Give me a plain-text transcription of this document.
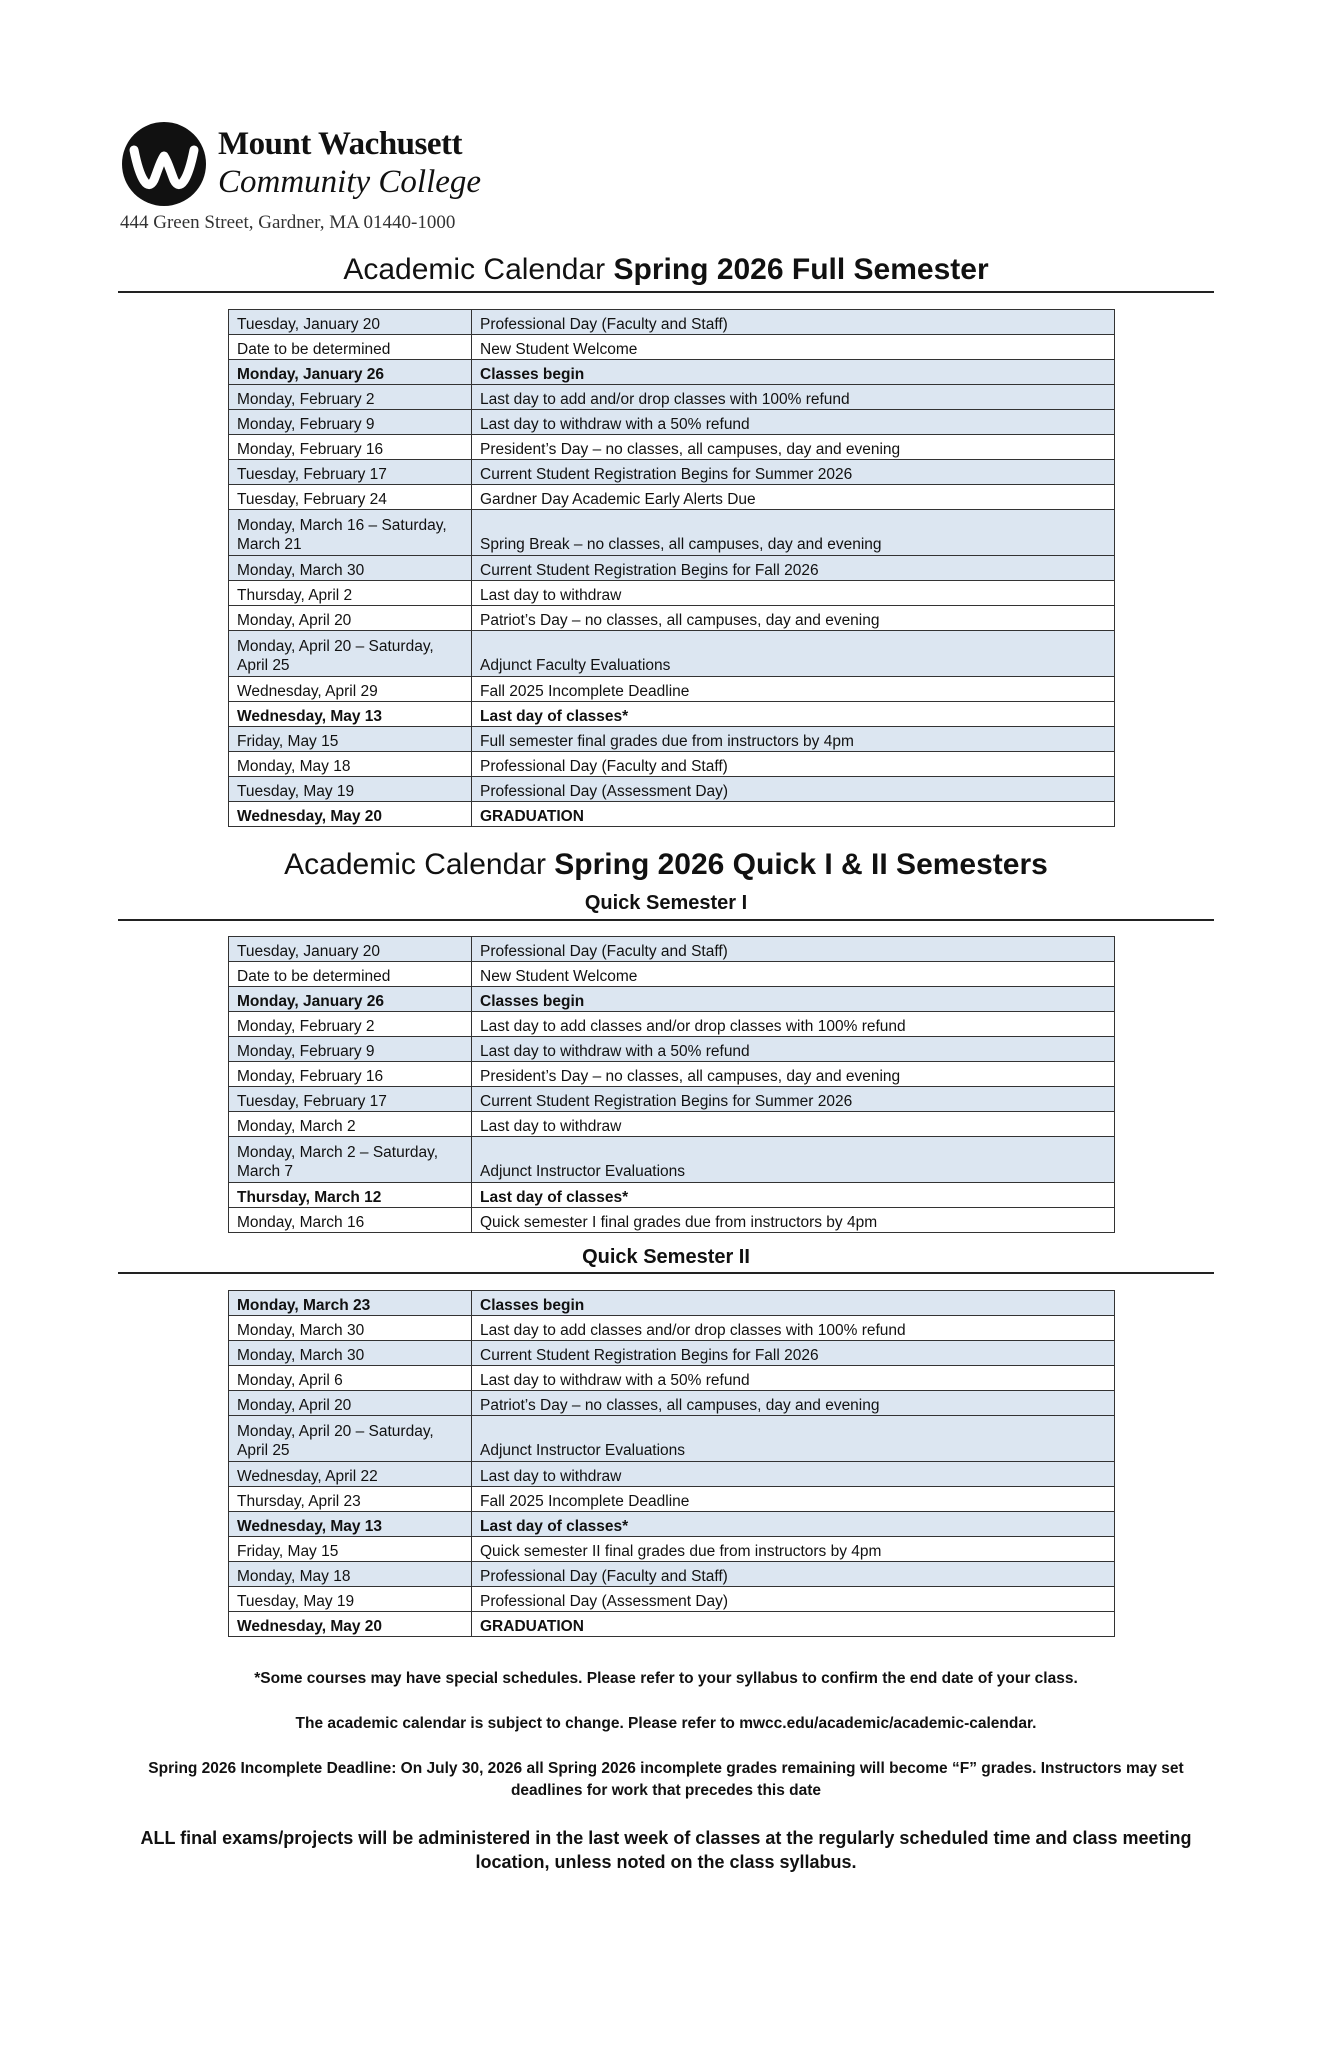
Mount Wachusett
Community College
444 Green Street, Gardner, MA 01440-1000
Academic Calendar Spring 2026 Full Semester
Tuesday, January 20	Professional Day (Faculty and Staff)
Date to be determined	New Student Welcome
Monday, January 26	Classes begin
Monday, February 2	Last day to add and/or drop classes with 100% refund
Monday, February 9	Last day to withdraw with a 50% refund
Monday, February 16	President’s Day – no classes, all campuses, day and evening
Tuesday, February 17	Current Student Registration Begins for Summer 2026
Tuesday, February 24	Gardner Day Academic Early Alerts Due
Monday, March 16 – Saturday, March 21	Spring Break – no classes, all campuses, day and evening
Monday, March 30	Current Student Registration Begins for Fall 2026
Thursday, April 2	Last day to withdraw
Monday, April 20	Patriot’s Day – no classes, all campuses, day and evening
Monday, April 20 – Saturday, April 25	Adjunct Faculty Evaluations
Wednesday, April 29	Fall 2025 Incomplete Deadline
Wednesday, May 13	Last day of classes*
Friday, May 15	Full semester final grades due from instructors by 4pm
Monday, May 18	Professional Day (Faculty and Staff)
Tuesday, May 19	Professional Day (Assessment Day)
Wednesday, May 20	GRADUATION
Academic Calendar Spring 2026 Quick I & II Semesters
Quick Semester I
Tuesday, January 20	Professional Day (Faculty and Staff)
Date to be determined	New Student Welcome
Monday, January 26	Classes begin
Monday, February 2	Last day to add classes and/or drop classes with 100% refund
Monday, February 9	Last day to withdraw with a 50% refund
Monday, February 16	President’s Day – no classes, all campuses, day and evening
Tuesday, February 17	Current Student Registration Begins for Summer 2026
Monday, March 2	Last day to withdraw
Monday, March 2 – Saturday, March 7	Adjunct Instructor Evaluations
Thursday, March 12	Last day of classes*
Monday, March 16	Quick semester I final grades due from instructors by 4pm
Quick Semester II
Monday, March 23	Classes begin
Monday, March 30	Last day to add classes and/or drop classes with 100% refund
Monday, March 30	Current Student Registration Begins for Fall 2026
Monday, April 6	Last day to withdraw with a 50% refund
Monday, April 20	Patriot’s Day – no classes, all campuses, day and evening
Monday, April 20 – Saturday, April 25	Adjunct Instructor Evaluations
Wednesday, April 22	Last day to withdraw
Thursday, April 23	Fall 2025 Incomplete Deadline
Wednesday, May 13	Last day of classes*
Friday, May 15	Quick semester II final grades due from instructors by 4pm
Monday, May 18	Professional Day (Faculty and Staff)
Tuesday, May 19	Professional Day (Assessment Day)
Wednesday, May 20	GRADUATION
*Some courses may have special schedules. Please refer to your syllabus to confirm the end date of your class.
The academic calendar is subject to change. Please refer to mwcc.edu/academic/academic-calendar.
Spring 2026 Incomplete Deadline: On July 30, 2026 all Spring 2026 incomplete grades remaining will become “F” grades. Instructors may set deadlines for work that precedes this date
ALL final exams/projects will be administered in the last week of classes at the regularly scheduled time and class meeting location, unless noted on the class syllabus.
